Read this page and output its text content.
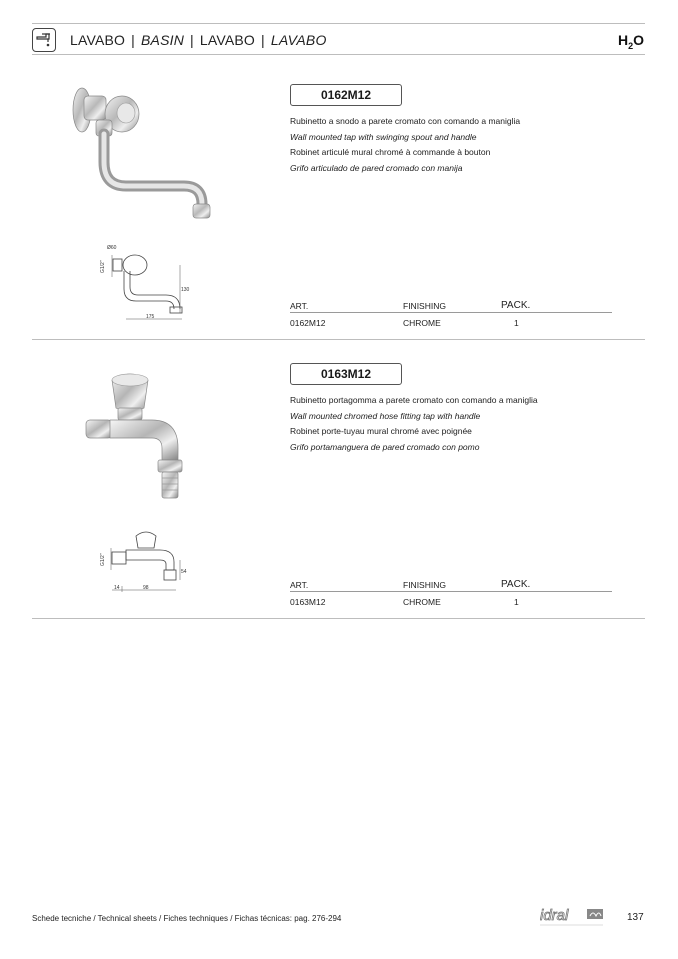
LAVABO | BASIN | LAVABO | LAVABO	$H_2O$
Ø60
G1/2"
130
175
0162M12
Rubinetto a snodo a parete cromato con comando a maniglia
Wall mounted tap with swinging spout and handle
Robinet articulé mural chromé à commande à bouton
Grifo articulado de pared cromado con manija
ART.	FINISHING	PACK.
0162M12	CHROME	1
G1/2"
54
14	98
0163M12
Rubinetto portagomma a parete cromato con comando a maniglia
Wall mounted chromed hose fitting tap with handle
Robinet porte-tuyau mural chromé avec poignée
Grifo portamanguera de pared cromado con pomo
ART.	FINISHING	PACK.
0163M12	CHROME	1
Schede tecniche / Technical sheets / Fiches techniques / Fichas técnicas: pag. 276-294	idral	137
